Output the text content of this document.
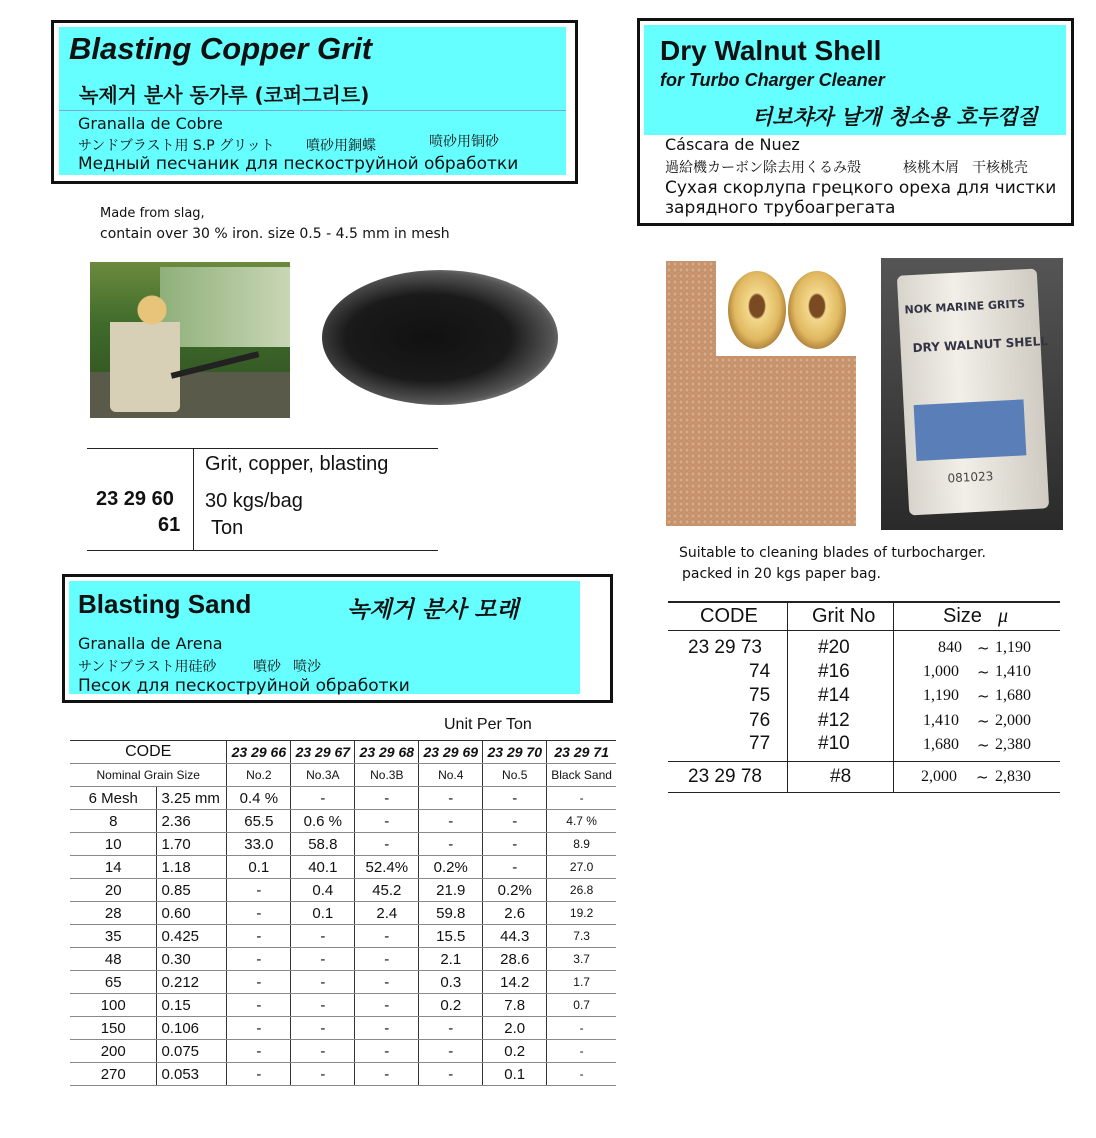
Blasting Copper Grit
녹제거 분사 동가루 (코퍼그리트)
Granalla de Cobre
サンドブラスト用 S.P グリット 噴砂用銅蝶	喷砂用铜砂
Медный песчаник для пескоструйной обработки
Made from slag,
contain over 30 % iron. size 0.5 - 4.5 mm in mesh
Grit, copper, blasting
23 29 60
61
30 kgs/bag
Ton
Blasting Sand	녹제거 분사 모래
Granalla de Arena
サンドブラスト用硅砂	噴砂 喷沙
Песок для пескоструйной обработки
Unit Per Ton
CODE		23 29 66	23 29 67	23 29 68	23 29 69	23 29 70	23 29 71
Nominal Grain Size		No.2	No.3A	No.3B	No.4	No.5	Black Sand
6 Mesh	3.25 mm	0.4 %	-	-	-	-	-
8	2.36	65.5	0.6 %	-	-	-	4.7 %
10	1.70	33.0	58.8	-	-	-	8.9
14	1.18	0.1	40.1	52.4%	0.2%	-	27.0
20	0.85	-	0.4	45.2	21.9	0.2%	26.8
28	0.60	-	0.1	2.4	59.8	2.6	19.2
35	0.425	-	-	-	15.5	44.3	7.3
48	0.30	-	-	-	2.1	28.6	3.7
65	0.212	-	-	-	0.3	14.2	1.7
100	0.15	-	-	-	0.2	7.8	0.7
150	0.106	-	-	-	-	2.0	-
200	0.075	-	-	-	-	0.2	-
270	0.053	-	-	-	-	0.1	-
Dry Walnut Shell
for Turbo Charger Cleaner
터보챠자 날개 청소용 호두껍질
Cáscara de Nuez
過給機カーボン除去用くるみ殻	核桃木屑 干核桃壳
Сухая скорлупа грецкого ореха для чистки
зарядного трубоагрегата
NOK MARINE GRITS
DRY WALNUT SHELL
081023
Suitable to cleaning blades of turbocharger.
packed in 20 kgs paper bag.
CODE	Grit No	Size μ
23 29 73	#20	840 ~ 1,190
74	#16	1,000 ~ 1,410
75	#14	1,190 ~ 1,680
76	#12	1,410 ~ 2,000
77	#10	1,680 ~ 2,380
23 29 78	#8	2,000 ~ 2,830
